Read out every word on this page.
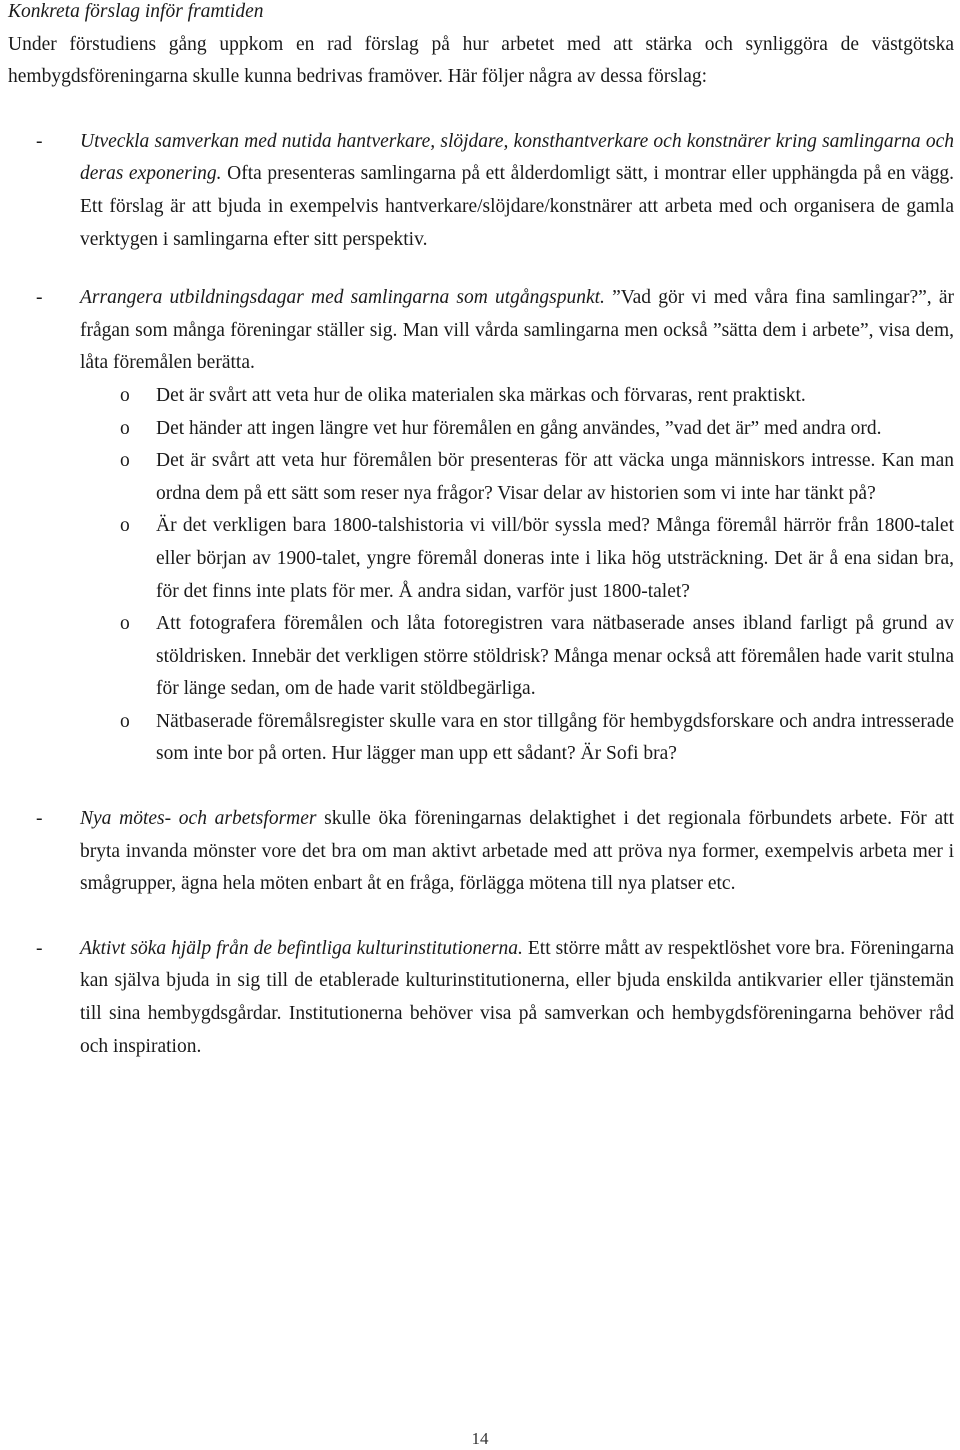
Konkreta förslag inför framtiden

Under förstudiens gång uppkom en rad förslag på hur arbetet med att stärka och synliggöra de västgötska hembygdsföreningarna skulle kunna bedrivas framöver. Här följer några av dessa förslag:

- Utveckla samverkan med nutida hantverkare, slöjdare, konsthantverkare och konstnärer kring samlingarna och deras exponering. Ofta presenteras samlingarna på ett ålderdomligt sätt, i montrar eller upphängda på en vägg. Ett förslag är att bjuda in exempelvis hantverkare/slöjdare/konstnärer att arbeta med och organisera de gamla verktygen i samlingarna efter sitt perspektiv.

- Arrangera utbildningsdagar med samlingarna som utgångspunkt. ”Vad gör vi med våra fina samlingar?”, är frågan som många föreningar ställer sig. Man vill vårda samlingarna men också ”sätta dem i arbete”, visa dem, låta föremålen berätta.

o Det är svårt att veta hur de olika materialen ska märkas och förvaras, rent praktiskt.

o Det händer att ingen längre vet hur föremålen en gång användes, ”vad det är” med andra ord.

o Det är svårt att veta hur föremålen bör presenteras för att väcka unga människors intresse. Kan man ordna dem på ett sätt som reser nya frågor? Visar delar av historien som vi inte har tänkt på?

o Är det verkligen bara 1800-talshistoria vi vill/bör syssla med? Många föremål härrör från 1800-talet eller början av 1900-talet, yngre föremål doneras inte i lika hög utsträckning. Det är å ena sidan bra, för det finns inte plats för mer. Å andra sidan, varför just 1800-talet?

o Att fotografera föremålen och låta fotoregistren vara nätbaserade anses ibland farligt på grund av stöldrisken. Innebär det verkligen större stöldrisk? Många menar också att föremålen hade varit stulna för länge sedan, om de hade varit stöldbegärliga.

o Nätbaserade föremålsregister skulle vara en stor tillgång för hembygdsforskare och andra intresserade som inte bor på orten. Hur lägger man upp ett sådant? Är Sofi bra?

- Nya mötes- och arbetsformer skulle öka föreningarnas delaktighet i det regionala förbundets arbete. För att bryta invanda mönster vore det bra om man aktivt arbetade med att pröva nya former, exempelvis arbeta mer i smågrupper, ägna hela möten enbart åt en fråga, förlägga mötena till nya platser etc.

- Aktivt söka hjälp från de befintliga kulturinstitutionerna. Ett större mått av respektlöshet vore bra. Föreningarna kan själva bjuda in sig till de etablerade kulturinstitutionerna, eller bjuda enskilda antikvarier eller tjänstemän till sina hembygdsgårdar. Institutionerna behöver visa på samverkan och hembygdsföreningarna behöver råd och inspiration.

14
